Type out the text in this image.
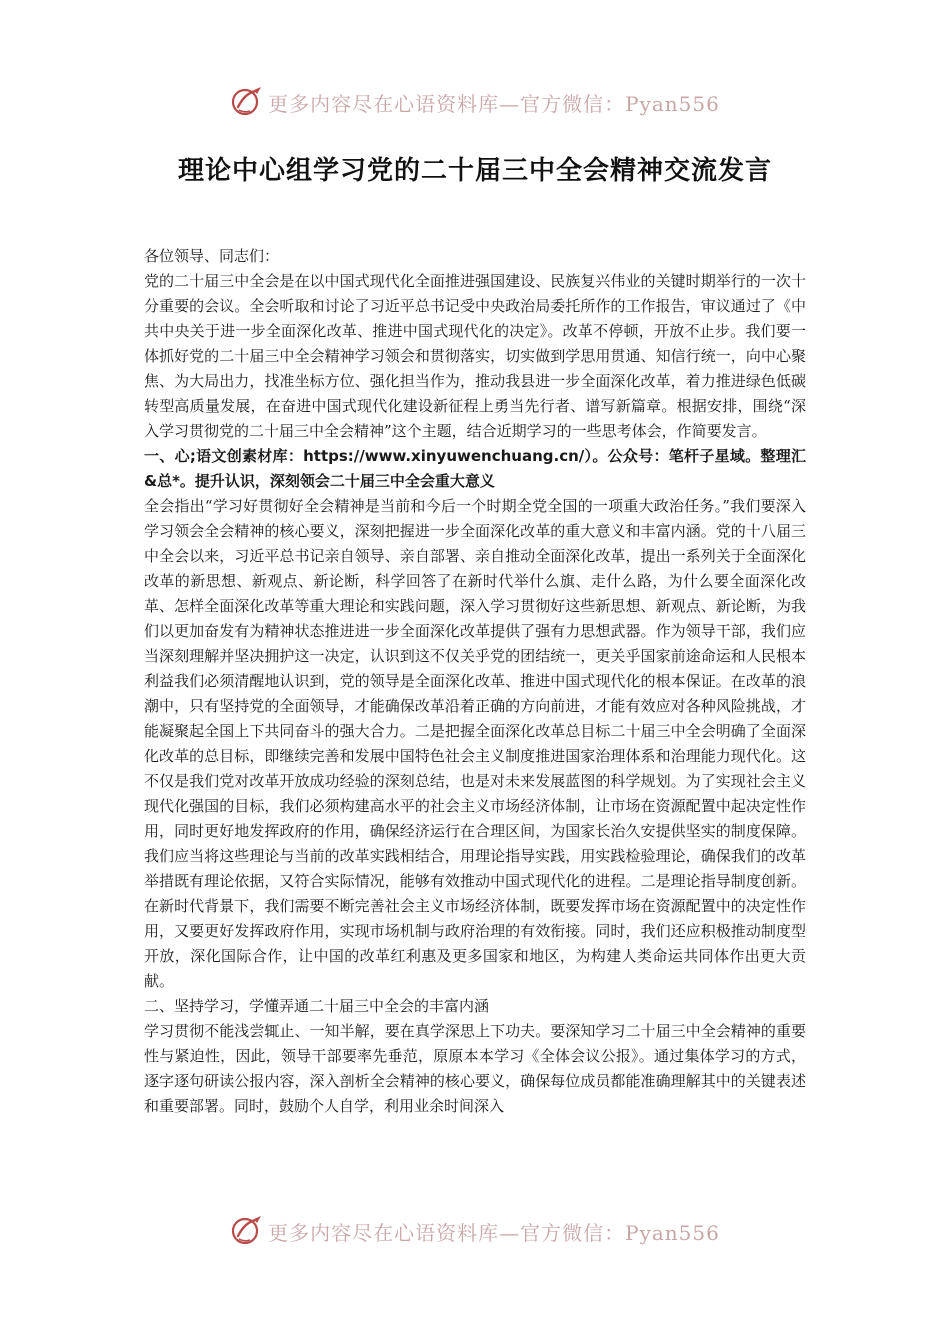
更多内容尽在心语资料库—官方微信：Pyan556
理论中心组学习党的二十届三中全会精神交流发言

各位领导、同志们：

党的二十届三中全会是在以中国式现代化全面推进强国建设、民族复兴伟业的关键时期举行的一次十分重要的会议。全会听取和讨论了习近平总书记受中央政治局委托所作的工作报告，审议通过了《中共中央关于进一步全面深化改革、推进中国式现代化的决定》。改革不停顿，开放不止步。我们要一体抓好党的二十届三中全会精神学习领会和贯彻落实，切实做到学思用贯通、知信行统一，向中心聚焦、为大局出力，找准坐标方位、强化担当作为，推动我县进一步全面深化改革，着力推进绿色低碳转型高质量发展，在奋进中国式现代化建设新征程上勇当先行者、谱写新篇章。根据安排，围绕“深入学习贯彻党的二十届三中全会精神”这个主题，结合近期学习的一些思考体会，作简要发言。

一、心;语文创素材库：https://www.xinyuwenchuang.cn/）。公众号：笔杆子星域。整理汇&总*。提升认识，深刻领会二十届三中全会重大意义

全会指出“学习好贯彻好全会精神是当前和今后一个时期全党全国的一项重大政治任务。”我们要深入学习领会全会精神的核心要义，深刻把握进一步全面深化改革的重大意义和丰富内涵。党的十八届三中全会以来，习近平总书记亲自领导、亲自部署、亲自推动全面深化改革，提出一系列关于全面深化改革的新思想、新观点、新论断，科学回答了在新时代举什么旗、走什么路，为什么要全面深化改革、怎样全面深化改革等重大理论和实践问题，深入学习贯彻好这些新思想、新观点、新论断，为我们以更加奋发有为精神状态推进进一步全面深化改革提供了强有力思想武器。作为领导干部，我们应当深刻理解并坚决拥护这一决定，认识到这不仅关乎党的团结统一，更关乎国家前途命运和人民根本利益我们必须清醒地认识到，党的领导是全面深化改革、推进中国式现代化的根本保证。在改革的浪潮中，只有坚持党的全面领导，才能确保改革沿着正确的方向前进，才能有效应对各种风险挑战，才能凝聚起全国上下共同奋斗的强大合力。二是把握全面深化改革总目标二十届三中全会明确了全面深化改革的总目标，即继续完善和发展中国特色社会主义制度推进国家治理体系和治理能力现代化。这不仅是我们党对改革开放成功经验的深刻总结，也是对未来发展蓝图的科学规划。为了实现社会主义现代化强国的目标，我们必须构建高水平的社会主义市场经济体制，让市场在资源配置中起决定性作用，同时更好地发挥政府的作用，确保经济运行在合理区间，为国家长治久安提供坚实的制度保障。我们应当将这些理论与当前的改革实践相结合，用理论指导实践，用实践检验理论，确保我们的改革举措既有理论依据，又符合实际情况，能够有效推动中国式现代化的进程。二是理论指导制度创新。在新时代背景下，我们需要不断完善社会主义市场经济体制，既要发挥市场在资源配置中的决定性作用，又要更好发挥政府作用，实现市场机制与政府治理的有效衔接。同时，我们还应积极推动制度型开放，深化国际合作，让中国的改革红利惠及更多国家和地区，为构建人类命运共同体作出更大贡献。

二、坚持学习，学懂弄通二十届三中全会的丰富内涵

学习贯彻不能浅尝辄止、一知半解，要在真学深思上下功夫。要深知学习二十届三中全会精神的重要性与紧迫性，因此，领导干部要率先垂范，原原本本学习《全体会议公报》。通过集体学习的方式，逐字逐句研读公报内容，深入剖析全会精神的核心要义，确保每位成员都能准确理解其中的关键表述和重要部署。同时，鼓励个人自学，利用业余时间深入

更多内容尽在心语资料库—官方微信：Pyan556
